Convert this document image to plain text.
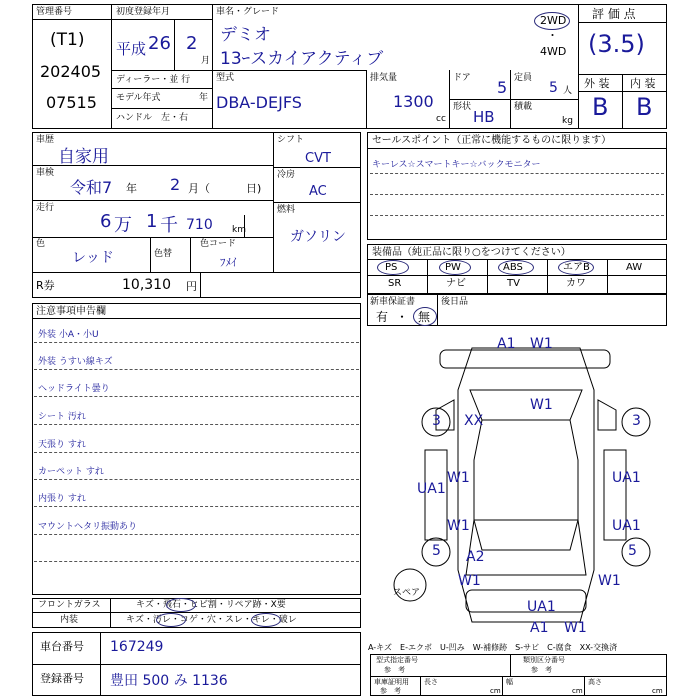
管理番号
(T1)
202405
07515
初度登録年月
平成 26 2
月
車名・グレード
デミオ
13ｰスカイアクティブ
2WD
・
4WD
評 価 点
(3.5)
外 装 内 装
B B
ディーラー・並 行
モデル年式	年
ハンドル　左・右
型式
DBA-DEJFS
排気量
1300
cc
ドア 5 定員
5 人
形状
HB
積載
kg
車歴
自家用
車検
令和7 年 2 月（	日)
走行
6 万 1 千 710 km
色
レッド	色替
色コード
ﾌﾒｲ
シフト
CVT
冷房
AC
燃料
ガソリン
R券	10,310 円
セールスポイント（正常に機能するものに限ります）
キーレス☆スマートキー☆バックモニター
装備品（純正品に限り○をつけてください）
PS	PW	ABS	エアB	AW
SR	ナビ	TV	カワ
新車保証書
有 ・ 無
後日品
注意事項申告欄
外装 小A・小U
外装 うすい線キズ
ヘッドライト曇り
シート 汚れ
天張り すれ
カーペット すれ
内張り すれ
マウントヘタリ振動あり
フロントガラス	キズ・飛石・ヒビ割・リペア跡・X要
内装	キズ・汚レ・コゲ・穴・スレ・キレ・破レ
車台番号 167249
登録番号 豊田 500 み 1136
A1 W1
W1
3 XX	3
UA1
W1	UA1
W1	UA1
5 A2	5
W1	W1
UA1
A1 W1
スペア
A-キズ　E-エクボ　U-凹み　W-補修跡　S-サビ　C-腐食　XX-交換済
型式指定番号
参　考
類別区分番号
参　考
車庫証明用
参　考
長さ
cm
幅
cm
高さ
cm
